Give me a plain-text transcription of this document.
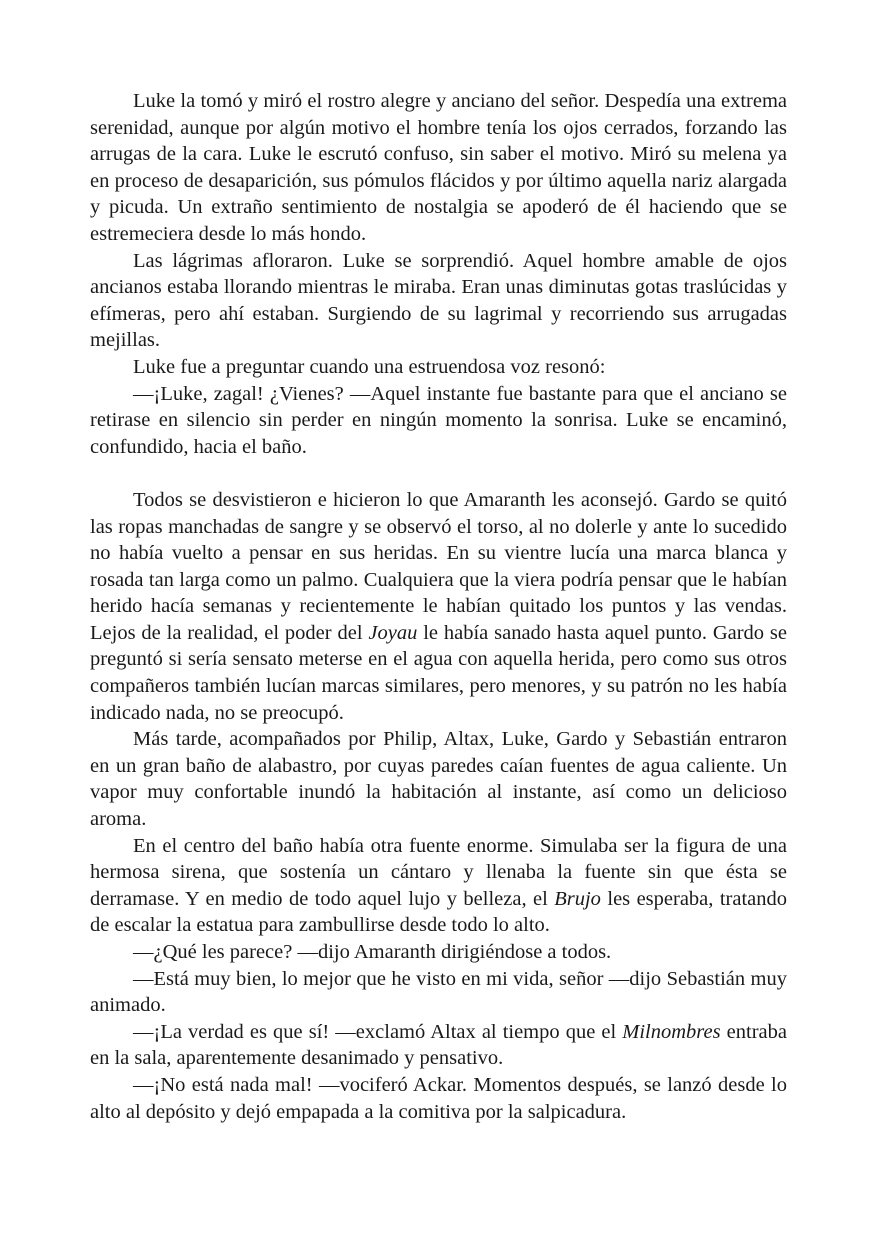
Luke la tomó y miró el rostro alegre y anciano del señor. Despedía una extrema serenidad, aunque por algún motivo el hombre tenía los ojos cerrados, forzando las arrugas de la cara. Luke le escrutó confuso, sin saber el motivo. Miró su melena ya en proceso de desaparición, sus pómulos flácidos y por último aquella nariz alargada y picuda. Un extraño sentimiento de nostalgia se apoderó de él haciendo que se estremeciera desde lo más hondo.

Las lágrimas afloraron. Luke se sorprendió. Aquel hombre amable de ojos ancianos estaba llorando mientras le miraba. Eran unas diminutas gotas traslúcidas y efímeras, pero ahí estaban. Surgiendo de su lagrimal y recorriendo sus arrugadas mejillas.

Luke fue a preguntar cuando una estruendosa voz resonó:

—¡Luke, zagal! ¿Vienes? —Aquel instante fue bastante para que el anciano se retirase en silencio sin perder en ningún momento la sonrisa. Luke se encaminó, confundido, hacia el baño.

Todos se desvistieron e hicieron lo que Amaranth les aconsejó. Gardo se quitó las ropas manchadas de sangre y se observó el torso, al no dolerle y ante lo sucedido no había vuelto a pensar en sus heridas. En su vientre lucía una marca blanca y rosada tan larga como un palmo. Cualquiera que la viera podría pensar que le habían herido hacía semanas y recientemente le habían quitado los puntos y las vendas. Lejos de la realidad, el poder del Joyau le había sanado hasta aquel punto. Gardo se preguntó si sería sensato meterse en el agua con aquella herida, pero como sus otros compañeros también lucían marcas similares, pero menores, y su patrón no les había indicado nada, no se preocupó.

Más tarde, acompañados por Philip, Altax, Luke, Gardo y Sebastián entraron en un gran baño de alabastro, por cuyas paredes caían fuentes de agua caliente. Un vapor muy confortable inundó la habitación al instante, así como un delicioso aroma.

En el centro del baño había otra fuente enorme. Simulaba ser la figura de una hermosa sirena, que sostenía un cántaro y llenaba la fuente sin que ésta se derramase. Y en medio de todo aquel lujo y belleza, el Brujo les esperaba, tratando de escalar la estatua para zambullirse desde todo lo alto.

—¿Qué les parece? —dijo Amaranth dirigiéndose a todos.

—Está muy bien, lo mejor que he visto en mi vida, señor —dijo Sebastián muy animado.

—¡La verdad es que sí! —exclamó Altax al tiempo que el Milnombres entraba en la sala, aparentemente desanimado y pensativo.

—¡No está nada mal! —vociferó Ackar. Momentos después, se lanzó desde lo alto al depósito y dejó empapada a la comitiva por la salpicadura.
